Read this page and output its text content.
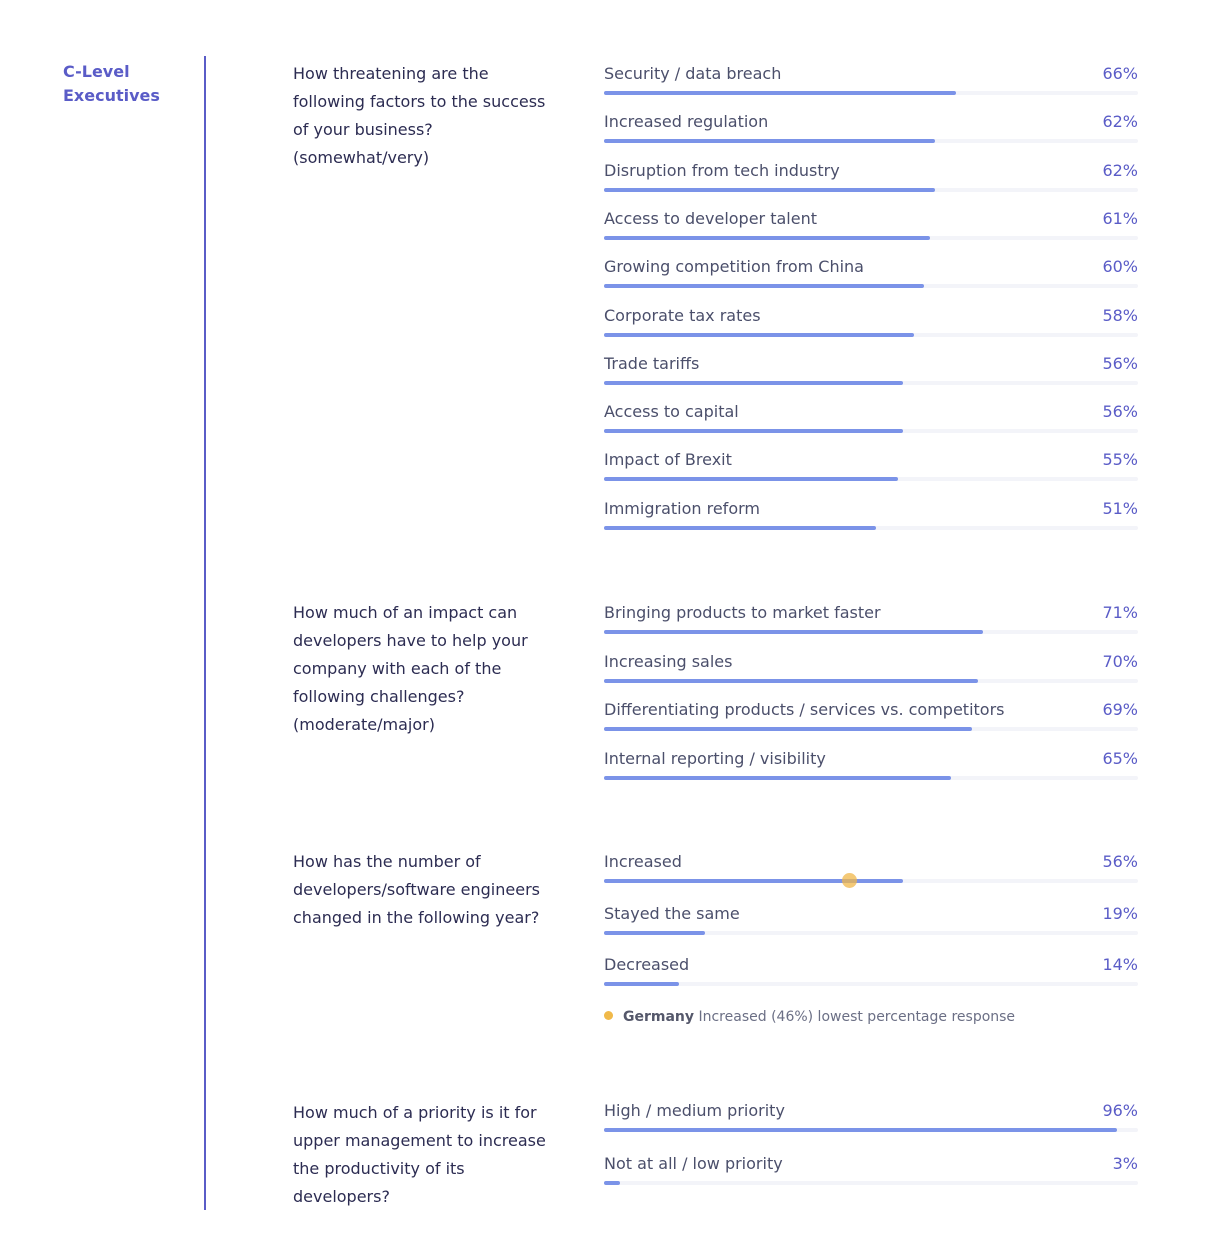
C-Level Executives
How threatening are the following factors to the success of your business? (somewhat/very)
How much of an impact can developers have to help your company with each of the following challenges? (moderate/major)
How has the number of developers/software engineers changed in the following year?
How much of a priority is it for upper management to increase the productivity of its developers?
Security / data breach	66%
Increased regulation	62%
Disruption from tech industry	62%
Access to developer talent	61%
Growing competition from China	60%
Corporate tax rates	58%
Trade tariffs	56%
Access to capital	56%
Impact of Brexit	55%
Immigration reform	51%
Bringing products to market faster	71%
Increasing sales	70%
Differentiating products / services vs. competitors	69%
Internal reporting / visibility	65%
Increased	56%
Stayed the same	19%
Decreased	14%
High / medium priority	96%
Not at all / low priority	3%
Germany Increased (46%) lowest percentage response
